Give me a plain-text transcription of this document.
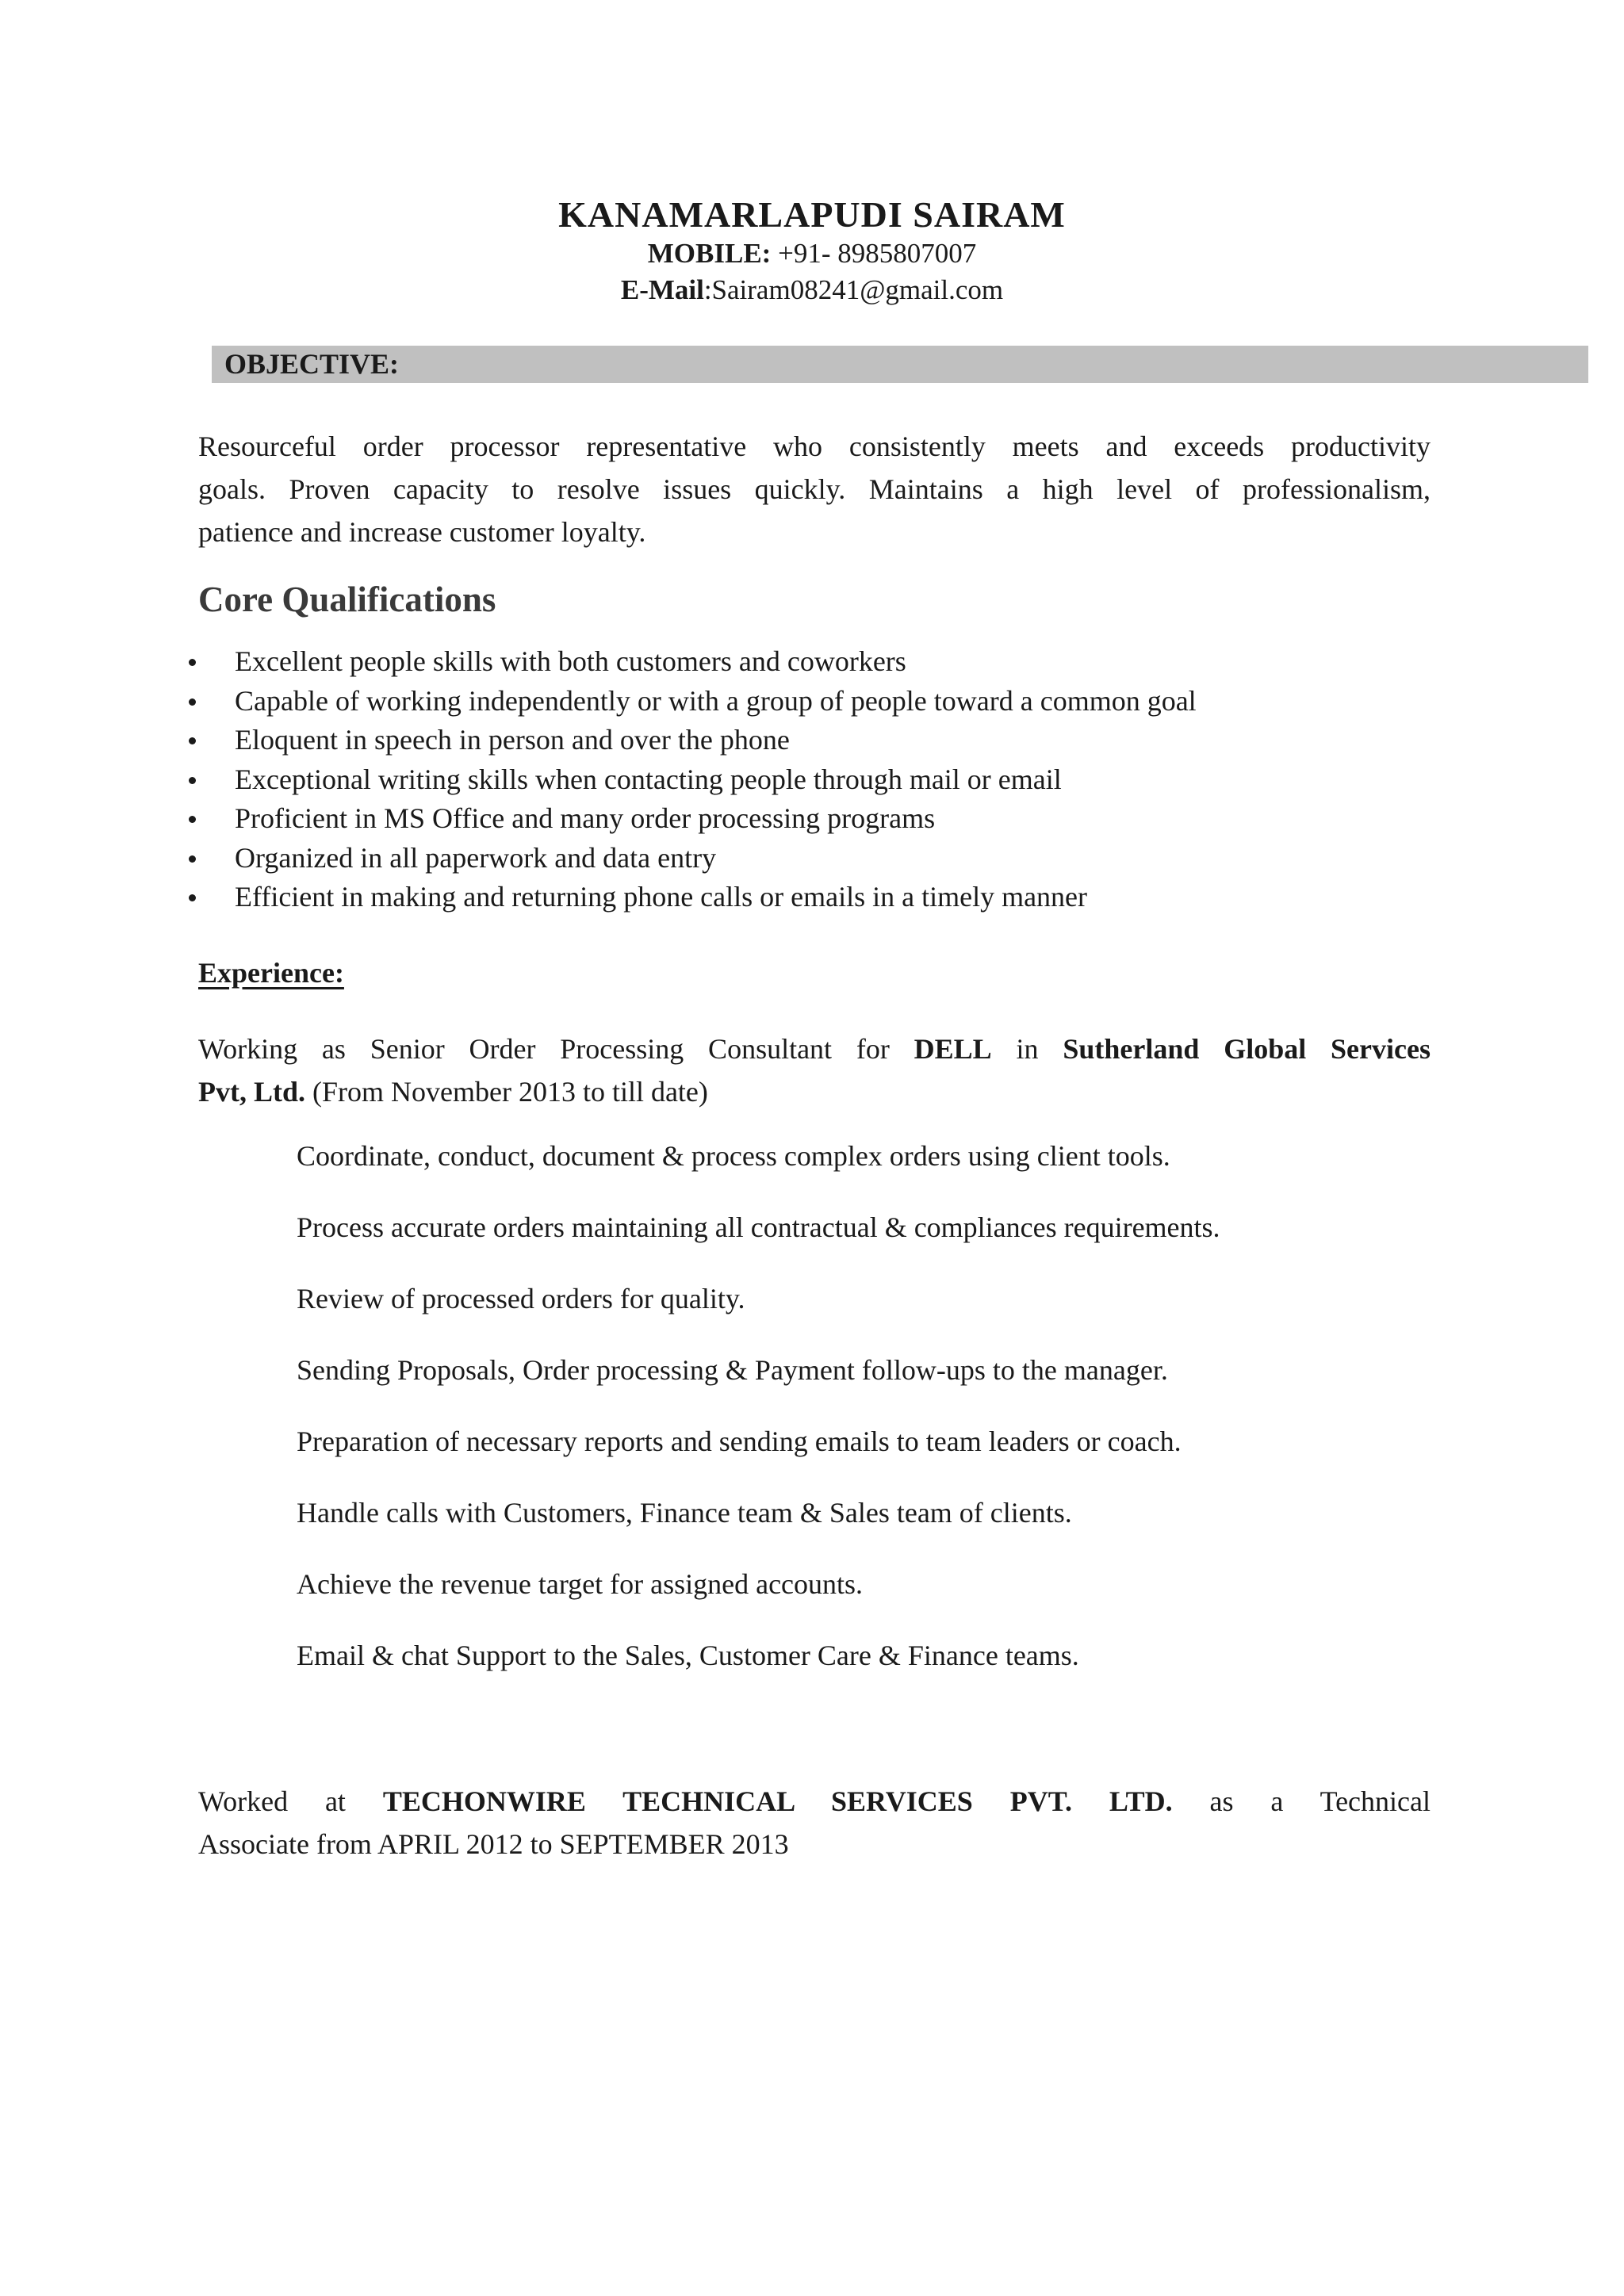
KANAMARLAPUDI SAIRAM
MOBILE: +91- 8985807007
E-Mail:Sairam08241@gmail.com
OBJECTIVE:
Resourceful order processor representative who consistently meets and exceeds productivity
goals. Proven capacity to resolve issues quickly. Maintains a high level of professionalism,
patience and increase customer loyalty.
Core Qualifications
Excellent people skills with both customers and coworkers
Capable of working independently or with a group of people toward a common goal
Eloquent in speech in person and over the phone
Exceptional writing skills when contacting people through mail or email
Proficient in MS Office and many order processing programs
Organized in all paperwork and data entry
Efficient in making and returning phone calls or emails in a timely manner
Experience:
Working as Senior Order Processing Consultant for DELL in Sutherland Global Services
Pvt, Ltd. (From November 2013 to till date)
Coordinate, conduct, document & process complex orders using client tools.
Process accurate orders maintaining all contractual & compliances requirements.
Review of processed orders for quality.
Sending Proposals, Order processing & Payment follow-ups to the manager.
Preparation of necessary reports and sending emails to team leaders or coach.
Handle calls with Customers, Finance team & Sales team of clients.
Achieve the revenue target for assigned accounts.
Email & chat Support to the Sales, Customer Care & Finance teams.
Worked at TECHONWIRE TECHNICAL SERVICES PVT. LTD. as a Technical
Associate from APRIL 2012 to SEPTEMBER 2013
